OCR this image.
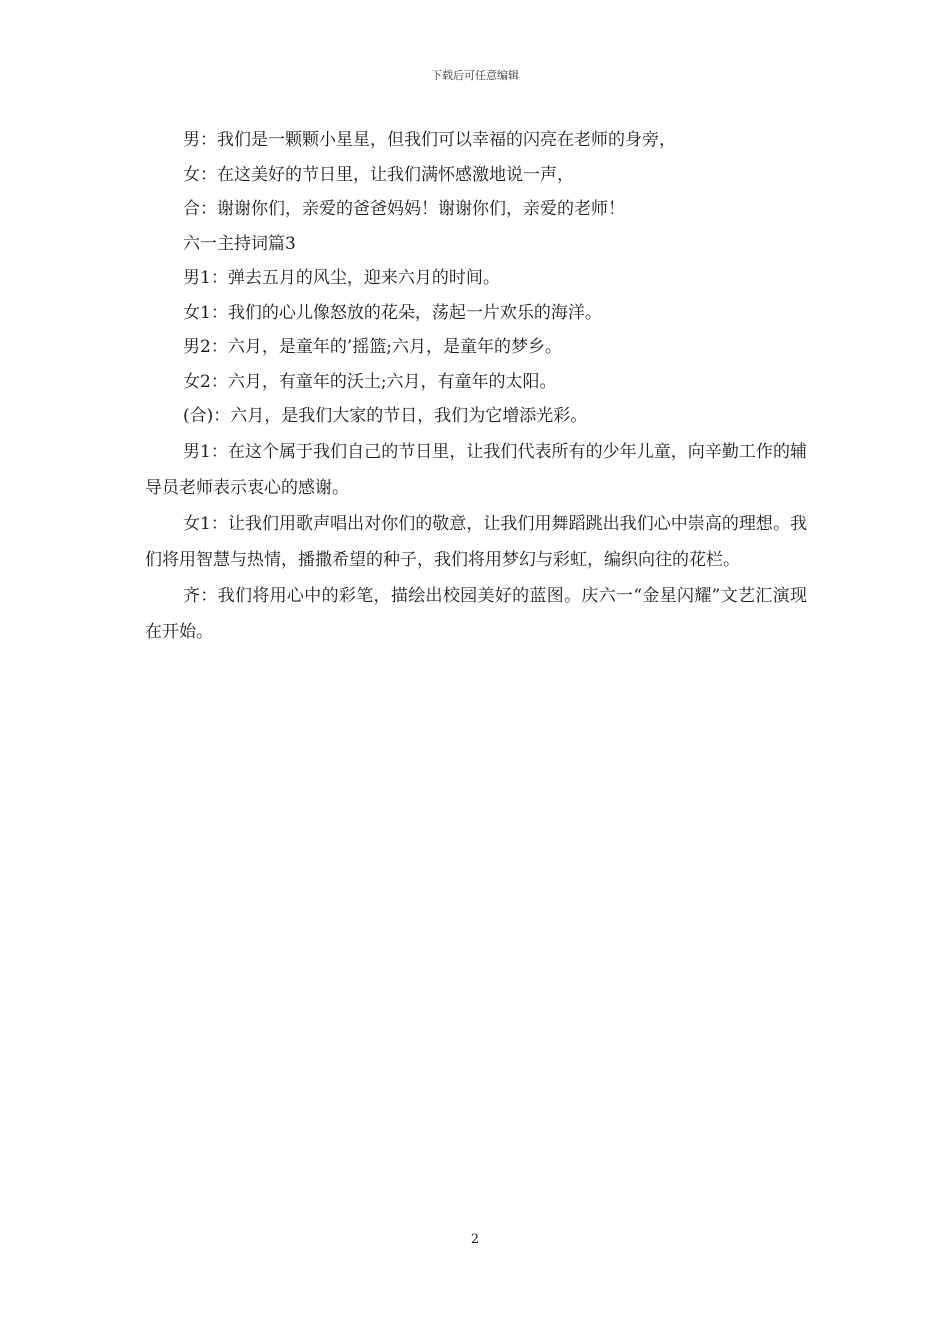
下载后可任意编辑

男：我们是一颗颗小星星，但我们可以幸福的闪亮在老师的身旁，

女：在这美好的节日里，让我们满怀感激地说一声，

合：谢谢你们，亲爱的爸爸妈妈！谢谢你们，亲爱的老师！

六一主持词篇3

男1：弹去五月的风尘，迎来六月的时间。

女1：我们的心儿像怒放的花朵，荡起一片欢乐的海洋。

男2：六月，是童年的’摇篮;六月，是童年的梦乡。

女2：六月，有童年的沃土;六月，有童年的太阳。

(合)：六月，是我们大家的节日，我们为它增添光彩。

男1：在这个属于我们自己的节日里，让我们代表所有的少年儿童，向辛勤工作的辅导员老师表示衷心的感谢。

女1：让我们用歌声唱出对你们的敬意，让我们用舞蹈跳出我们心中崇高的理想。我们将用智慧与热情，播撒希望的种子，我们将用梦幻与彩虹，编织向往的花栏。

齐：我们将用心中的彩笔，描绘出校园美好的蓝图。庆六一“金星闪耀”文艺汇演现在开始。

2
